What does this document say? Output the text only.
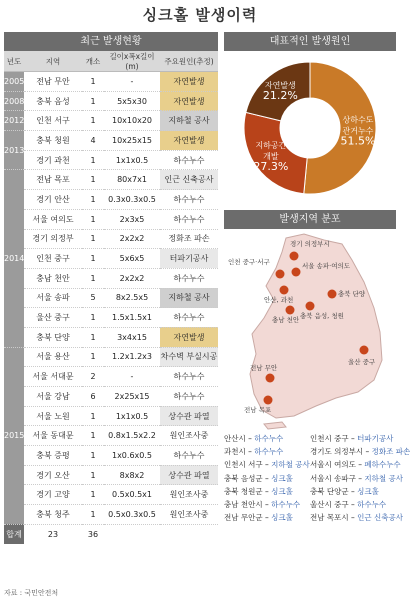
싱크홀 발생이력
최근 발생현황
년도	지역	개소	길이x폭x길이(m)	주요원인(추정)
2005	전남 무안	1	-	자연발생
2008	충북 음성	1	5x5x30	자연발생
2012	인천 서구	1	10x10x20	지하철 공사
2013	충북 청원	4	10x25x15	자연발생
	경기 과천	1	1x1x0.5	하수누수
2014	전남 목포	1	80x7x1	인근 신축공사
	경기 안산	1	0.3x0.3x0.5	하수누수
	서울 여의도	1	2x3x5	하수누수
	경기 의정부	1	2x2x2	정화조 파손
	인천 중구	1	5x6x5	터파기공사
	충남 천안	1	2x2x2	하수누수
	서울 송파	5	8x2.5x5	지하철 공사
	울산 중구	1	1.5x1.5x1	하수누수
	충북 단양	1	3x4x15	자연발생
2015	서울 용산	1	1.2x1.2x3	차수벽 부실시공
	서울 서대문	2	-	하수누수
	서울 강남	6	2x25x15	하수누수
	서울 노원	1	1x1x0.5	상수관 파열
	서울 동대문	1	0.8x1.5x2.2	원인조사중
	충북 증평	1	1x0.6x0.5	하수누수
	경기 오산	1	8x8x2	상수관 파열
	경기 고양	1	0.5x0.5x1	원인조사중
	충북 청주	1	0.5x0.3x0.5	원인조사중
합계	23	36		
자료 : 국민안전처
대표적인 발생원인
상하수도
관거누수
51.5%
지하공간
개발
27.3%
자연발생
21.2%
발생지역 분포
경기 의정부시
인천 중구·서구	서울 송파·여의도
안산, 과천
충북 단양
충남 천안 충북 음성, 청원
울산 중구
전남 무안
전남 목포
안산시 – 하수누수	인천시 중구 – 터파기공사
과천시 – 하수누수	경기도 의정부시 – 정화조 파손
인천시 서구 – 지하철 공사 서울시 여의도 – 폐하수누수
충북 음성군 – 싱크홀	서울시 송파구 – 지하철 공사
충북 청원군 – 싱크홀	충북 단양군 – 싱크홀
충남 천안시 – 하수누수	울산시 중구 – 하수누수
전남 무안군 – 싱크홀	전남 목포시 – 인근 신축공사
